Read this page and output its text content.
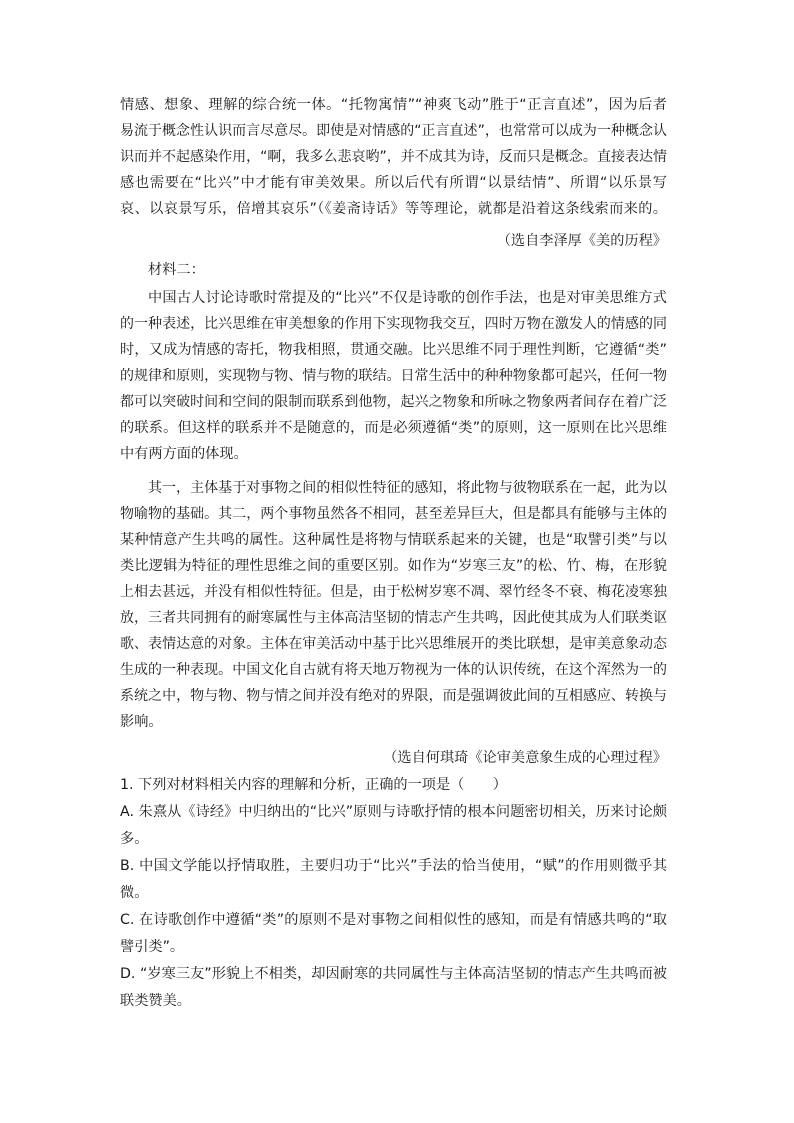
情感、想象、理解的综合统一体。“托物寓情”“神爽飞动”胜于“正言直述”，因为后者
易流于概念性认识而言尽意尽。即使是对情感的“正言直述”，也常常可以成为一种概念认
识而并不起感染作用，“啊，我多么悲哀哟”，并不成其为诗，反而只是概念。直接表达情
感也需要在“比兴”中才能有审美效果。所以后代有所谓“以景结情”、所谓“以乐景写
哀、以哀景写乐，倍增其哀乐”（《姜斋诗话》等等理论，就都是沿着这条线索而来的。
（选自李泽厚《美的历程》
材料二：
中国古人讨论诗歌时常提及的“比兴”不仅是诗歌的创作手法，也是对审美思维方式
的一种表述，比兴思维在审美想象的作用下实现物我交互，四时万物在激发人的情感的同
时，又成为情感的寄托，物我相照，贯通交融。比兴思维不同于理性判断，它遵循“类”
的规律和原则，实现物与物、情与物的联结。日常生活中的种种物象都可起兴，任何一物
都可以突破时间和空间的限制而联系到他物，起兴之物象和所咏之物象两者间存在着广泛
的联系。但这样的联系并不是随意的，而是必须遵循“类”的原则，这一原则在比兴思维
中有两方面的体现。
其一，主体基于对事物之间的相似性特征的感知，将此物与彼物联系在一起，此为以
物喻物的基础。其二，两个事物虽然各不相同，甚至差异巨大，但是都具有能够与主体的
某种情意产生共鸣的属性。这种属性是将物与情联系起来的关键，也是“取譬引类”与以
类比逻辑为特征的理性思维之间的重要区别。如作为“岁寒三友”的松、竹、梅，在形貌
上相去甚远，并没有相似性特征。但是，由于松树岁寒不凋、翠竹经冬不衰、梅花凌寒独
放，三者共同拥有的耐寒属性与主体高洁坚韧的情志产生共鸣，因此使其成为人们联类讴
歌、表情达意的对象。主体在审美活动中基于比兴思维展开的类比联想，是审美意象动态
生成的一种表现。中国文化自古就有将天地万物视为一体的认识传统，在这个浑然为一的
系统之中，物与物、物与情之间并没有绝对的界限，而是强调彼此间的互相感应、转换与
影响。
（选自何琪琦《论审美意象生成的心理过程》
1. 下列对材料相关内容的理解和分析，正确的一项是（　　）
A. 朱熹从《诗经》中归纳出的“比兴”原则与诗歌抒情的根本问题密切相关，历来讨论颇
多。
B. 中国文学能以抒情取胜，主要归功于“比兴”手法的恰当使用，“赋”的作用则微乎其
微。
C. 在诗歌创作中遵循“类”的原则不是对事物之间相似性的感知，而是有情感共鸣的“取
譬引类”。
D. “岁寒三友”形貌上不相类，却因耐寒的共同属性与主体高洁坚韧的情志产生共鸣而被
联类赞美。
